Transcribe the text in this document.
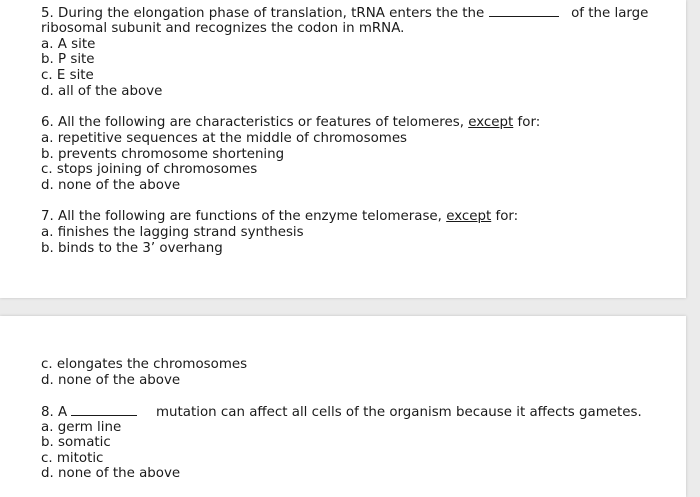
5. During the elongation phase of translation, tRNA enters the the	of the large
ribosomal subunit and recognizes the codon in mRNA.
a. A site
b. P site
c. E site
d. all of the above
6. All the following are characteristics or features of telomeres, except for:
a. repetitive sequences at the middle of chromosomes
b. prevents chromosome shortening
c. stops joining of chromosomes
d. none of the above
7. All the following are functions of the enzyme telomerase, except for:
a. finishes the lagging strand synthesis
b. binds to the 3’ overhang
c. elongates the chromosomes
d. none of the above
8. A	mutation can affect all cells of the organism because it affects gametes.
a. germ line
b. somatic
c. mitotic
d. none of the above
